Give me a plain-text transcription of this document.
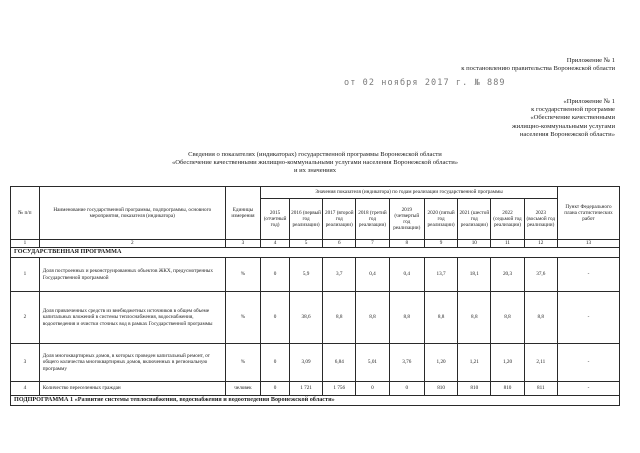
Приложение № 1
к постановлению правительства Воронежской области
от 02 ноября 2017 г. № 889
«Приложение № 1
к государственной программе
«Обеспечение качественными
жилищно-коммунальными услугами
населения Воронежской области»
Сведения о показателях (индикаторах) государственной программы Воронежской области
«Обеспечение качественными жилищно-коммунальными услугами населения Воронежской области»
и их значениях
№ п/п	Наименование государственной программы, подпрограммы, основного мероприятия, показателя (индикатора)	Единицы измерения	Значения показателя (индикатора) по годам реализации государственной программы									Пункт Федерального плана статистических работ
			2015 (отчетный год)	2016 (первый год реализации)	2017 (второй год реализации)	2018 (третий год реализации)	2019 (четвертый год реализации)	2020 (пятый год реализации)	2021 (шестой год реализации)	2022 (седьмой год реализации)	2023 (восьмой год реализации)	
1	2	3	4	5	6	7	8	9	10	11	12	13
ГОСУДАРСТВЕННАЯ ПРОГРАММА												
1	Доля построенных и реконструированных объектов ЖКХ, предусмотренных Государственной программой	%	0	5,9	3,7	0,4	0,4	13,7	18,1	20,3	37,6	-
2	Доля привлеченных средств из внебюджетных источников в общем объеме капитальных вложений в системы теплоснабжения, водоснабжения, водоотведения и очистки сточных вод в рамках Государственной программы	%	0	38,6	8,8	8,8	8,8	8,8	8,8	8,8	8,8	-
3	Доля многоквартирных домов, в которых проведен капитальный ремонт, от общего количества многоквартирных домов, включенных в региональную программу	%	0	3,09	6,84	5,01	3,76	1,20	1,21	1,20	2,11	-
4	Количество переселенных граждан	человек	0	1 721	1 756	0	0	810	810	810	811	-
ПОДПРОГРАММА 1 «Развитие системы теплоснабжения, водоснабжения и водоотведения Воронежской области»												
